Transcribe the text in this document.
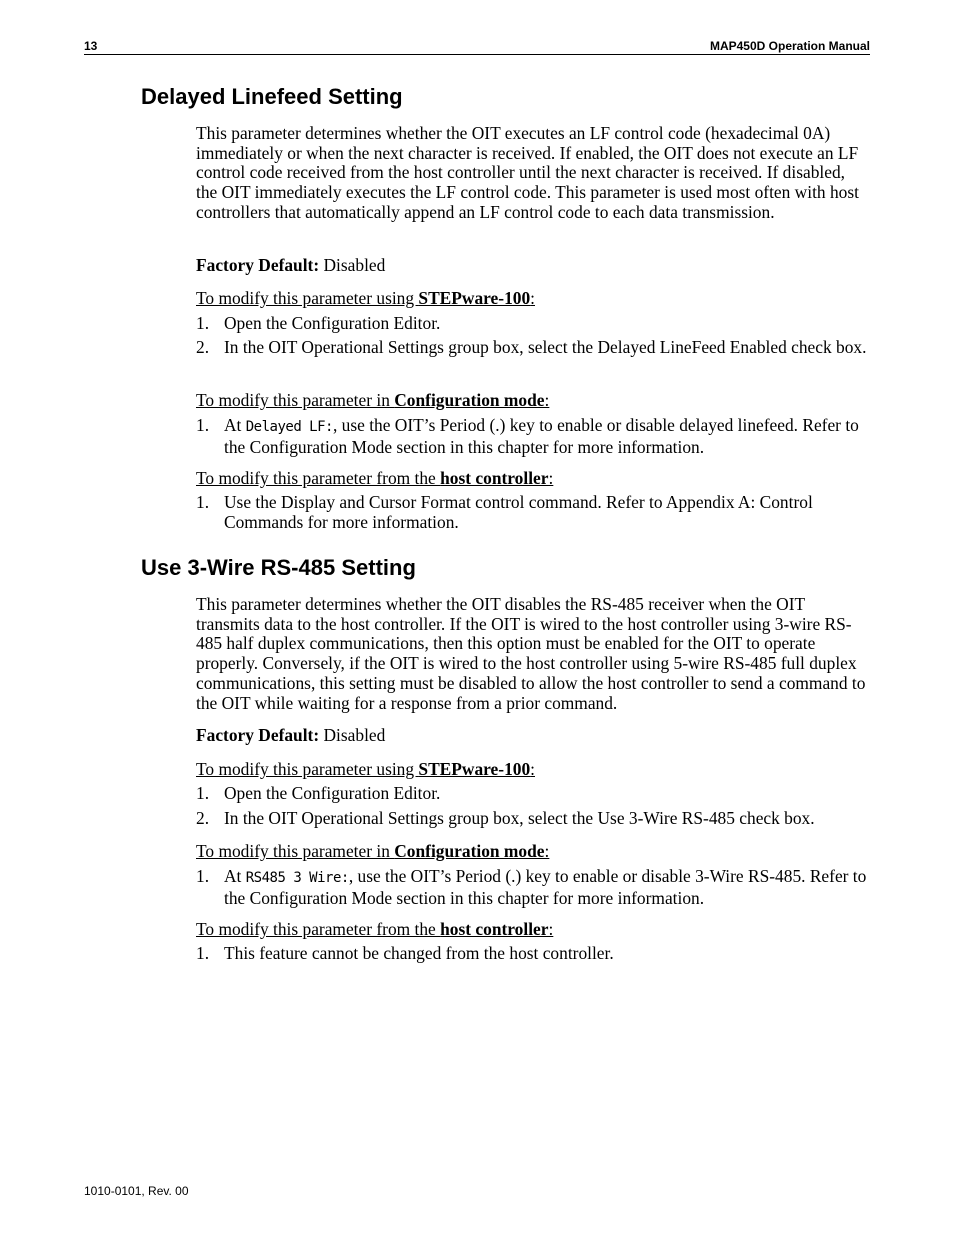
13	MAP450D Operation Manual
Delayed Linefeed Setting

This parameter determines whether the OIT executes an LF control code (hexadecimal 0A) immediately or when the next character is received. If enabled, the OIT does not execute an LF control code received from the host controller until the next character is received. If disabled, the OIT immediately executes the LF control code. This parameter is used most often with host controllers that automatically append an LF control code to each data transmission.

Factory Default: Disabled

To modify this parameter using STEPware-100:

1. Open the Configuration Editor.
2. In the OIT Operational Settings group box, select the Delayed LineFeed Enabled check box.

To modify this parameter in Configuration mode:

1. At Delayed LF:, use the OIT’s Period (.) key to enable or disable delayed linefeed. Refer to the Configuration Mode section in this chapter for more information.

To modify this parameter from the host controller:

1. Use the Display and Cursor Format control command. Refer to Appendix A: Control Commands for more information.
Use 3-Wire RS-485 Setting

This parameter determines whether the OIT disables the RS-485 receiver when the OIT transmits data to the host controller. If the OIT is wired to the host controller using 3-wire RS-485 half duplex communications, then this option must be enabled for the OIT to operate properly. Conversely, if the OIT is wired to the host controller using 5-wire RS-485 full duplex communications, this setting must be disabled to allow the host controller to send a command to the OIT while waiting for a response from a prior command.

Factory Default: Disabled

To modify this parameter using STEPware-100:

1. Open the Configuration Editor.
2. In the OIT Operational Settings group box, select the Use 3-Wire RS-485 check box.

To modify this parameter in Configuration mode:

1. At RS485 3 Wire:, use the OIT’s Period (.) key to enable or disable 3-Wire RS-485. Refer to the Configuration Mode section in this chapter for more information.

To modify this parameter from the host controller:

1. This feature cannot be changed from the host controller.
1010-0101, Rev. 00
